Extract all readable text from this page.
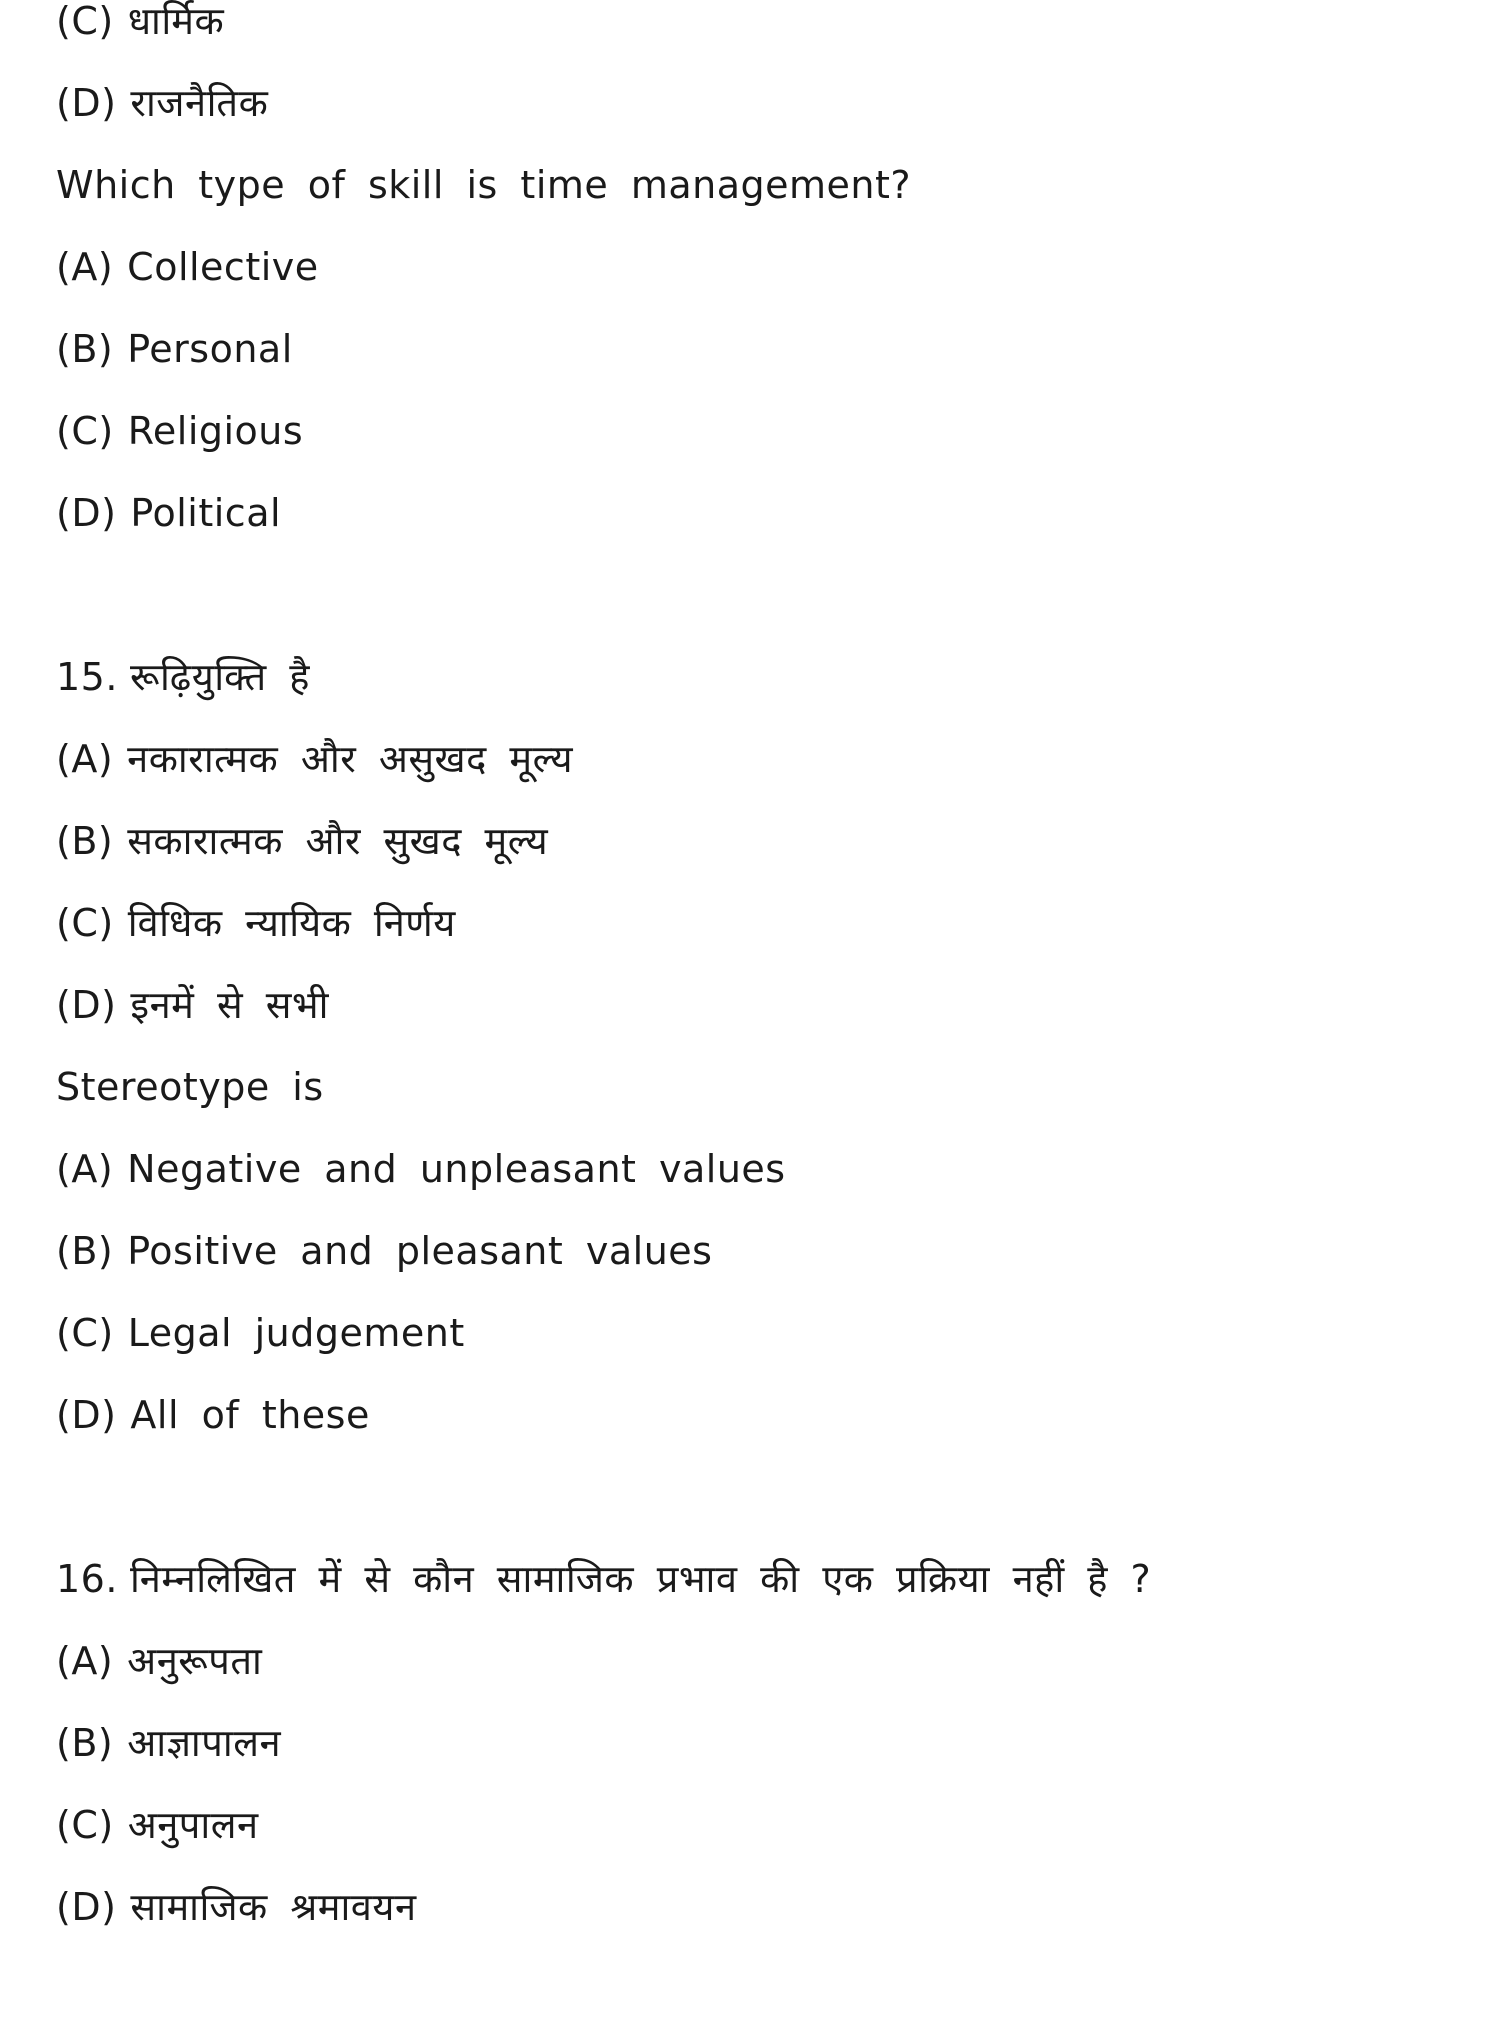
(C) धार्मिक
(D) राजनैतिक
Which type of skill is time management?
(A) Collective
(B) Personal
(C) Religious
(D) Political
15. रूढ़ियुक्ति है
(A) नकारात्मक और असुखद मूल्य
(B) सकारात्मक और सुखद मूल्य
(C) विधिक न्यायिक निर्णय
(D) इनमें से सभी
Stereotype is
(A) Negative and unpleasant values
(B) Positive and pleasant values
(C) Legal judgement
(D) All of these
16. निम्नलिखित में से कौन सामाजिक प्रभाव की एक प्रक्रिया नहीं है ?
(A) अनुरूपता
(B) आज्ञापालन
(C) अनुपालन
(D) सामाजिक श्रमावयन
